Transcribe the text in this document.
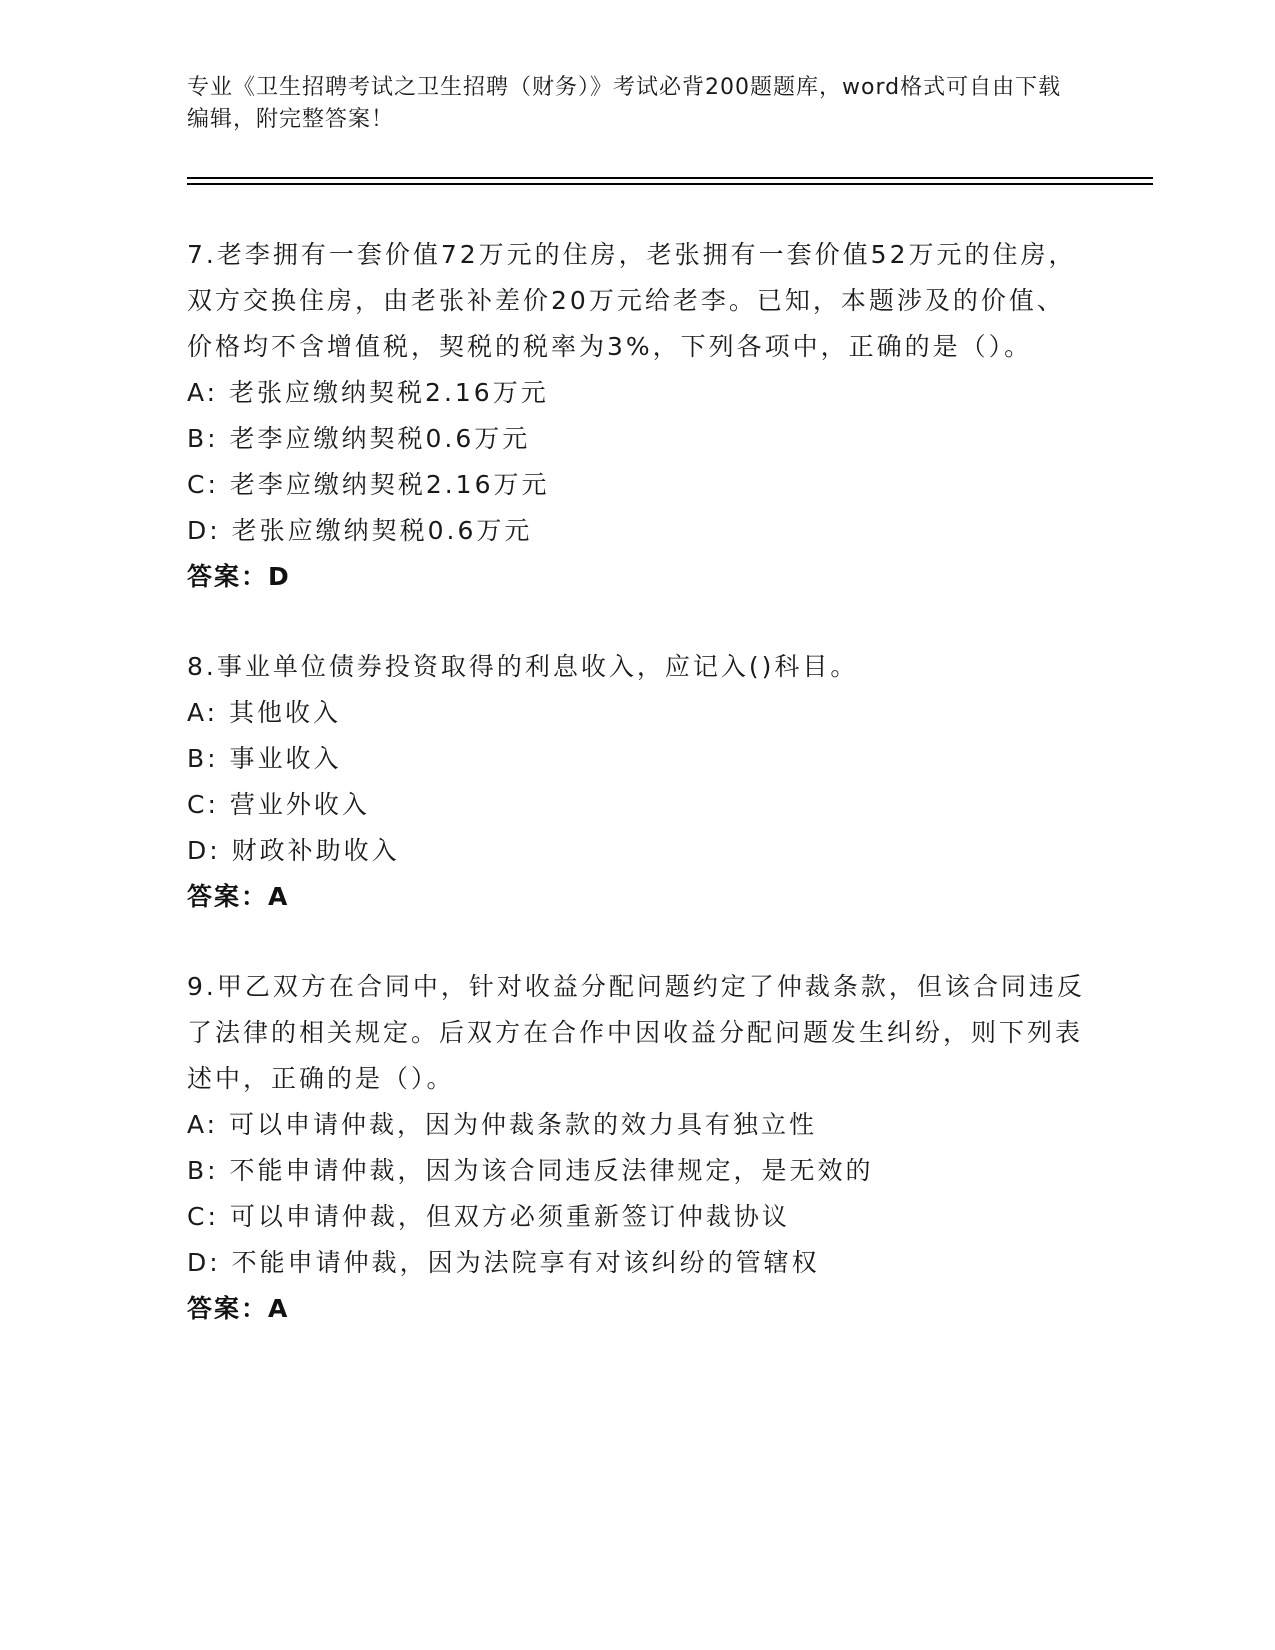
专业《卫生招聘考试之卫生招聘（财务）》考试必背200题题库，word格式可自由下载编辑，附完整答案！

7.老李拥有一套价值72万元的住房，老张拥有一套价值52万元的住房，双方交换住房，由老张补差价20万元给老李。已知，本题涉及的价值、价格均不含增值税，契税的税率为3%，下列各项中，正确的是（）。

A: 老张应缴纳契税2.16万元

B: 老李应缴纳契税0.6万元

C: 老李应缴纳契税2.16万元

D: 老张应缴纳契税0.6万元

答案：D

8.事业单位债券投资取得的利息收入，应记入()科目。

A: 其他收入

B: 事业收入

C: 营业外收入

D: 财政补助收入

答案：A

9.甲乙双方在合同中，针对收益分配问题约定了仲裁条款，但该合同违反了法律的相关规定。后双方在合作中因收益分配问题发生纠纷，则下列表述中，正确的是（）。

A: 可以申请仲裁，因为仲裁条款的效力具有独立性

B: 不能申请仲裁，因为该合同违反法律规定，是无效的

C: 可以申请仲裁，但双方必须重新签订仲裁协议

D: 不能申请仲裁，因为法院享有对该纠纷的管辖权

答案：A
